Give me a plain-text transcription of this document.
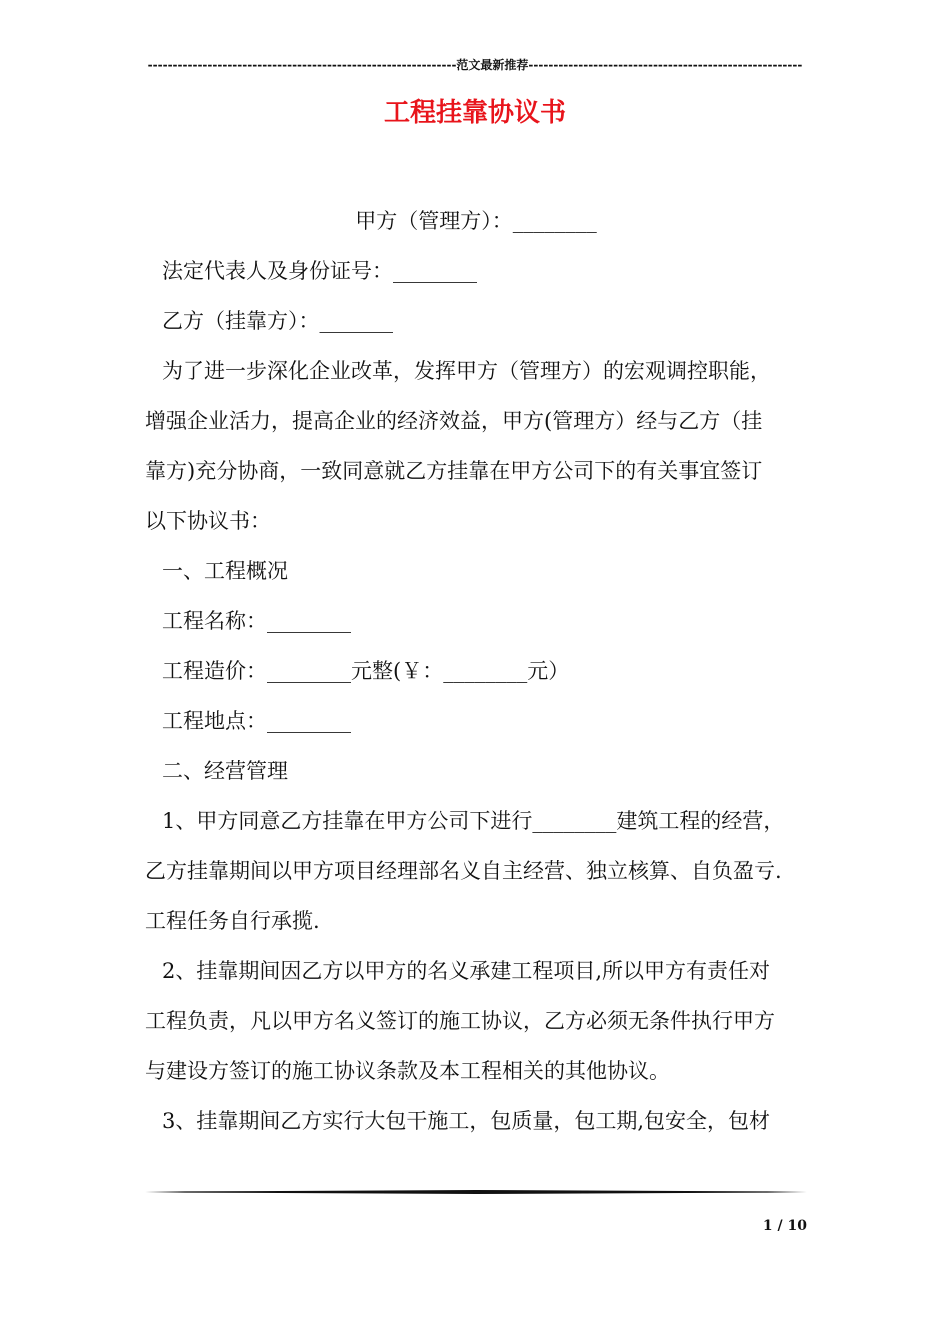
--------------------------------------------------------------范文最新推荐-------------------------------------------------------
工程挂靠协议书
甲方（管理方）：________
法定代表人及身份证号：________
乙方（挂靠方）：_______
为了进一步深化企业改革，发挥甲方（管理方）的宏观调控职能，
增强企业活力，提高企业的经济效益，甲方(管理方）经与乙方（挂
靠方)充分协商，一致同意就乙方挂靠在甲方公司下的有关事宜签订
以下协议书：
一、工程概况
工程名称：________
工程造价：________元整(￥：________元）
工程地点：________
二、经营管理
1、甲方同意乙方挂靠在甲方公司下进行________建筑工程的经营，
乙方挂靠期间以甲方项目经理部名义自主经营、独立核算、自负盈亏.
工程任务自行承揽.
2、挂靠期间因乙方以甲方的名义承建工程项目,所以甲方有责任对
工程负责，凡以甲方名义签订的施工协议，乙方必须无条件执行甲方
与建设方签订的施工协议条款及本工程相关的其他协议。
3、挂靠期间乙方实行大包干施工，包质量，包工期,包安全，包材
1 / 10
